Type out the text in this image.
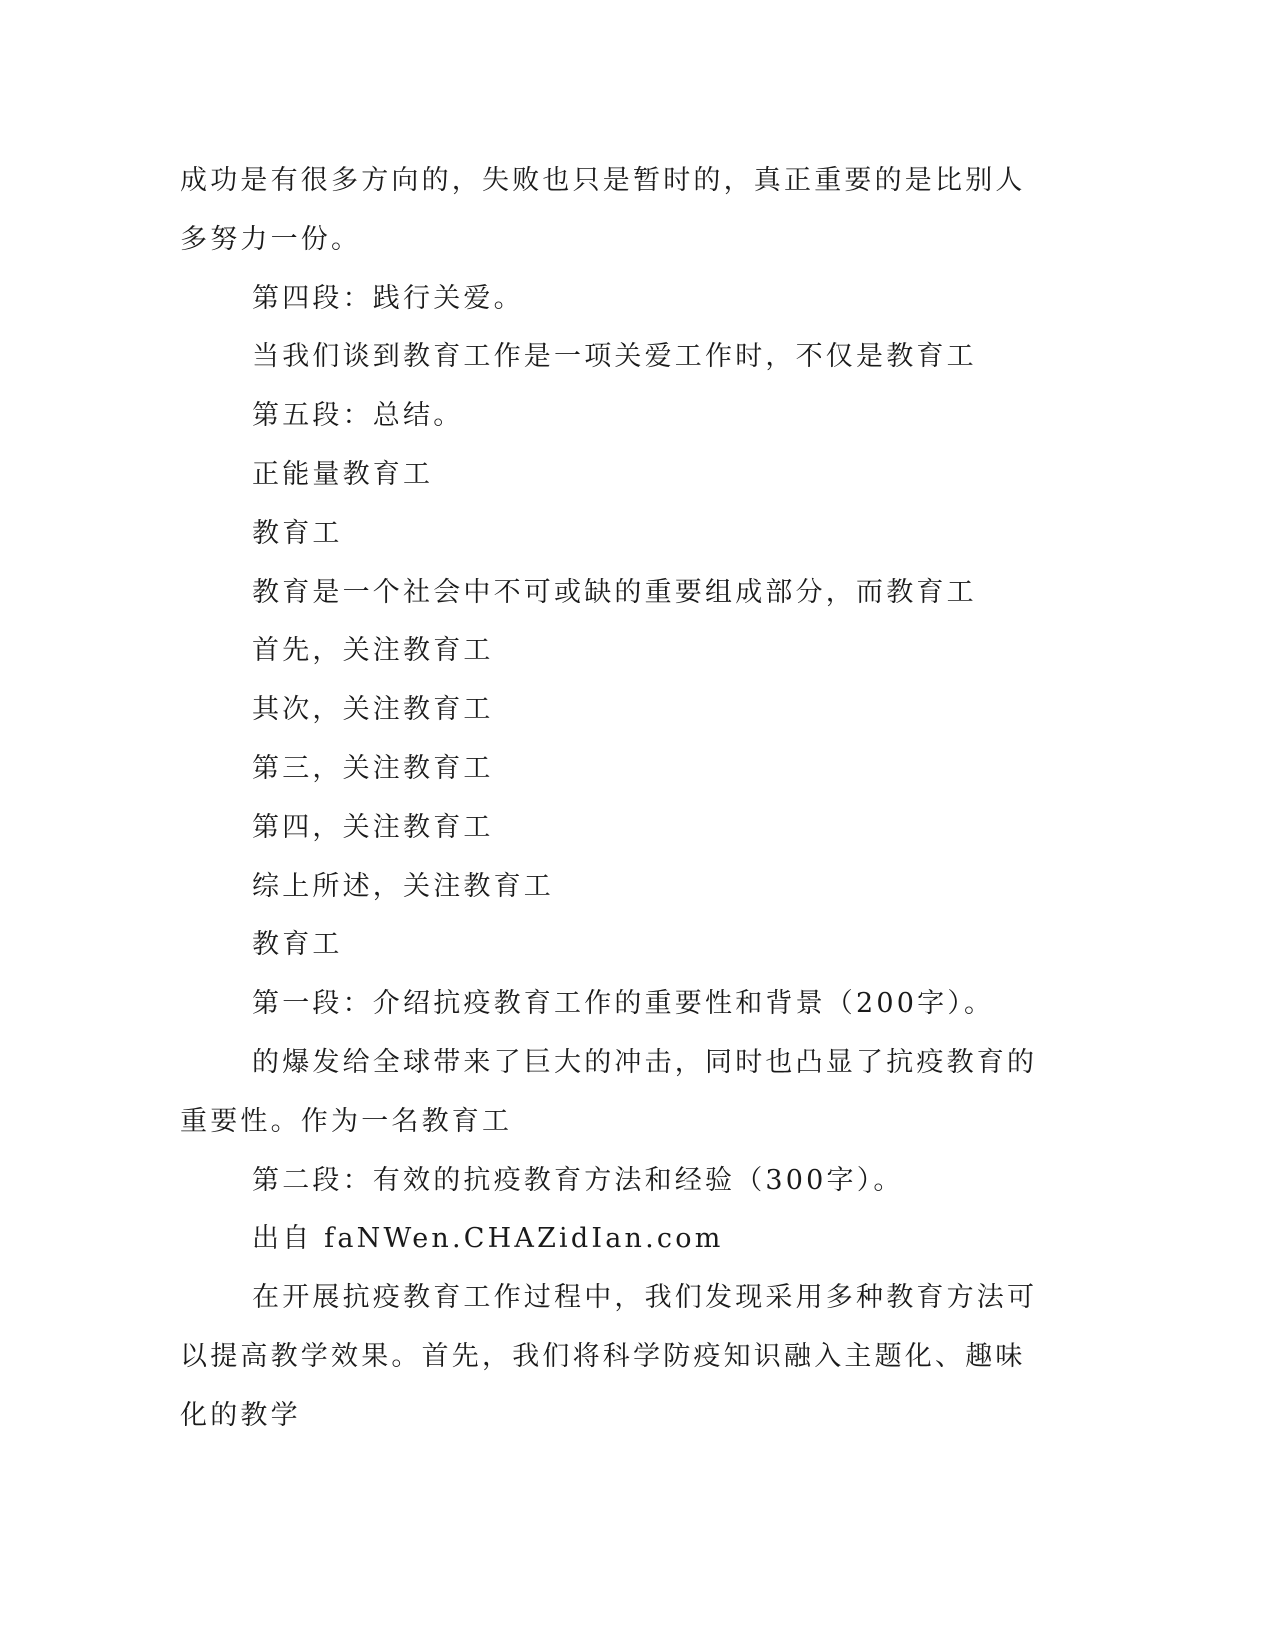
成功是有很多方向的，失败也只是暂时的，真正重要的是比别人多努力一份。

第四段：践行关爱。

当我们谈到教育工作是一项关爱工作时，不仅是教育工

第五段：总结。

正能量教育工

教育工

教育是一个社会中不可或缺的重要组成部分，而教育工

首先，关注教育工

其次，关注教育工

第三，关注教育工

第四，关注教育工

综上所述，关注教育工

教育工

第一段：介绍抗疫教育工作的重要性和背景（200字）。

的爆发给全球带来了巨大的冲击，同时也凸显了抗疫教育的重要性。作为一名教育工

第二段：有效的抗疫教育方法和经验（300字）。

出自 faNWen.CHAZidIan.com

在开展抗疫教育工作过程中，我们发现采用多种教育方法可以提高教学效果。首先，我们将科学防疫知识融入主题化、趣味化的教学
